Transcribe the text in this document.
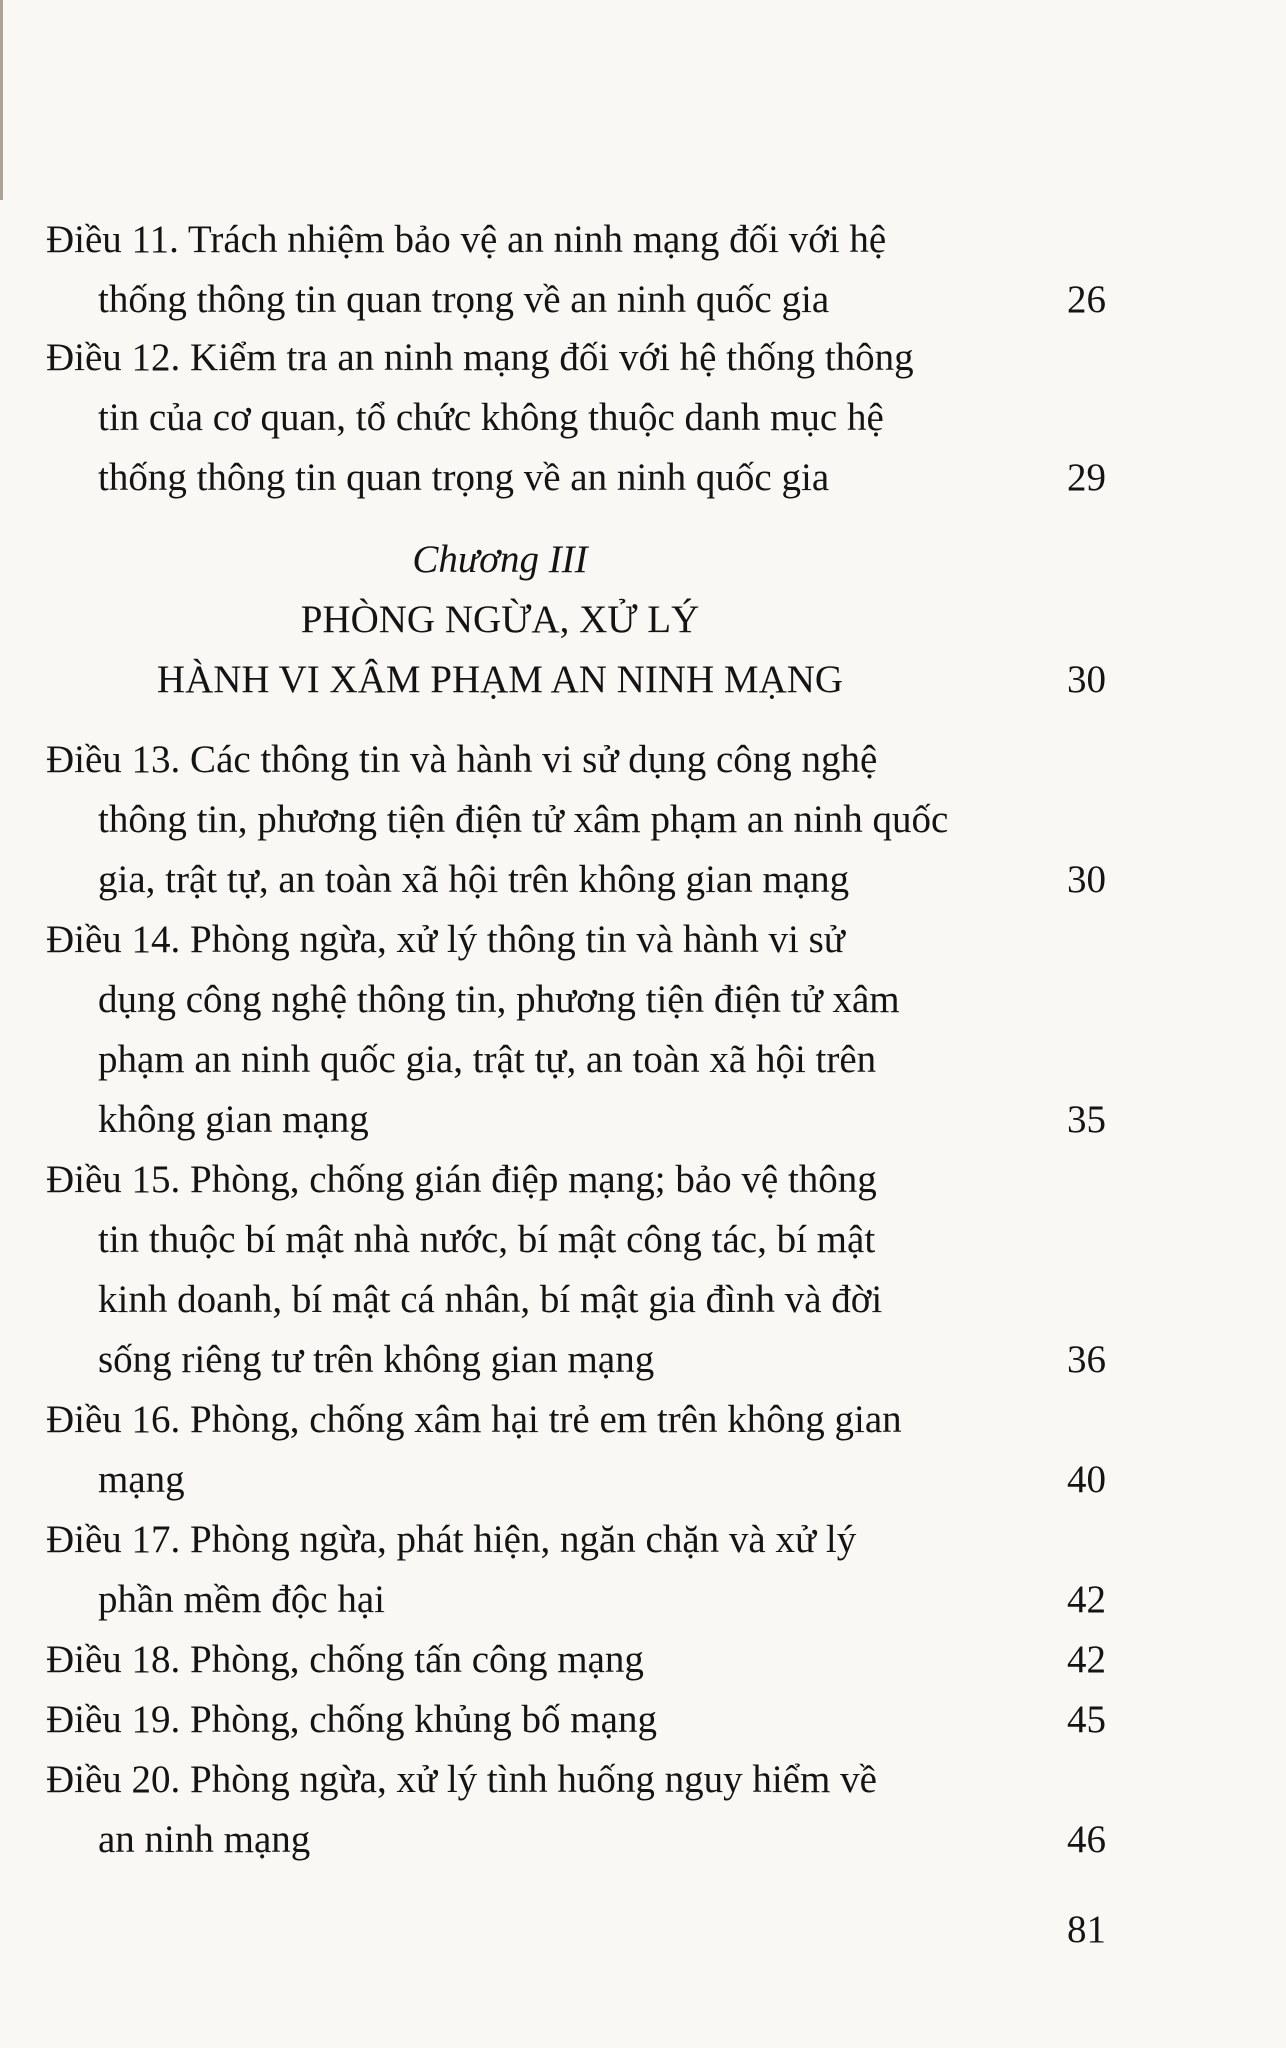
Điều 11. Trách nhiệm bảo vệ an ninh mạng đối với hệ
thống thông tin quan trọng về an ninh quốc gia	26
Điều 12. Kiểm tra an ninh mạng đối với hệ thống thông
tin của cơ quan, tổ chức không thuộc danh mục hệ
thống thông tin quan trọng về an ninh quốc gia	29
Chương III
PHÒNG NGỪA, XỬ LÝ
HÀNH VI XÂM PHẠM AN NINH MẠNG	30
Điều 13. Các thông tin và hành vi sử dụng công nghệ
thông tin, phương tiện điện tử xâm phạm an ninh quốc
gia, trật tự, an toàn xã hội trên không gian mạng	30
Điều 14. Phòng ngừa, xử lý thông tin và hành vi sử
dụng công nghệ thông tin, phương tiện điện tử xâm
phạm an ninh quốc gia, trật tự, an toàn xã hội trên
không gian mạng	35
Điều 15. Phòng, chống gián điệp mạng; bảo vệ thông
tin thuộc bí mật nhà nước, bí mật công tác, bí mật
kinh doanh, bí mật cá nhân, bí mật gia đình và đời
sống riêng tư trên không gian mạng	36
Điều 16. Phòng, chống xâm hại trẻ em trên không gian
mạng	40
Điều 17. Phòng ngừa, phát hiện, ngăn chặn và xử lý
phần mềm độc hại	42
Điều 18. Phòng, chống tấn công mạng	42
Điều 19. Phòng, chống khủng bố mạng	45
Điều 20. Phòng ngừa, xử lý tình huống nguy hiểm về
an ninh mạng	46
81
